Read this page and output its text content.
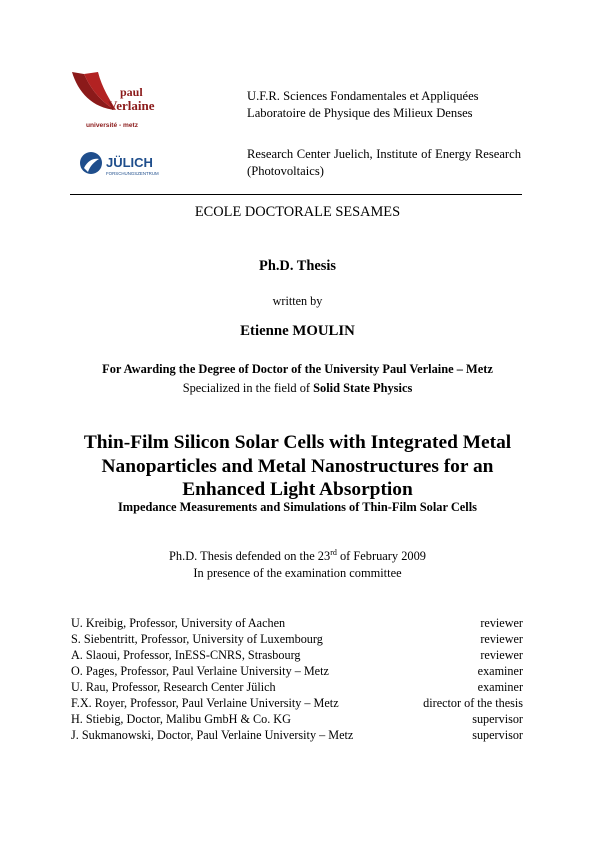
paul
Verlaine
université - metz
JÜLICH
FORSCHUNGSZENTRUM
U.F.R. Sciences Fondamentales et Appliquées
Laboratoire de Physique des Milieux Denses
Research Center Juelich, Institute of Energy Research (Photovoltaics)
ECOLE DOCTORALE SESAMES
Ph.D. Thesis
written by
Etienne MOULIN
For Awarding the Degree of Doctor of the University Paul Verlaine – Metz
Specialized in the field of Solid State Physics
Thin-Film Silicon Solar Cells with Integrated Metal
Nanoparticles and Metal Nanostructures for an
Enhanced Light Absorption
Impedance Measurements and Simulations of Thin-Film Solar Cells
Ph.D. Thesis defended on the 23rd of February 2009
In presence of the examination committee
U. Kreibig, Professor, University of Aachen	reviewer
S. Siebentritt, Professor, University of Luxembourg	reviewer
A. Slaoui, Professor, InESS-CNRS, Strasbourg	reviewer
O. Pages, Professor, Paul Verlaine University – Metz	examiner
U. Rau, Professor, Research Center Jülich	examiner
F.X. Royer, Professor, Paul Verlaine University – Metz	director of the thesis
H. Stiebig, Doctor, Malibu GmbH & Co. KG	supervisor
J. Sukmanowski, Doctor, Paul Verlaine University – Metz	supervisor
